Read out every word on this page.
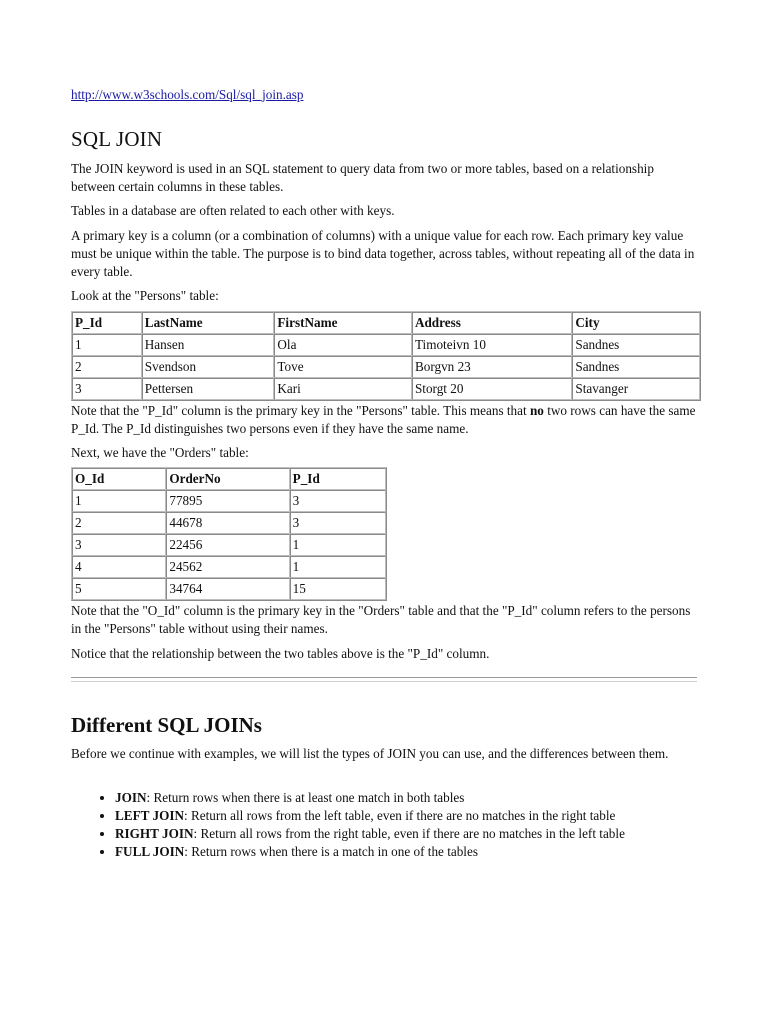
http://www.w3schools.com/Sql/sql_join.asp
SQL JOIN

The JOIN keyword is used in an SQL statement to query data from two or more tables, based on a relationship between certain columns in these tables.

Tables in a database are often related to each other with keys.

A primary key is a column (or a combination of columns) with a unique value for each row. Each primary key value must be unique within the table. The purpose is to bind data together, across tables, without repeating all of the data in every table.

Look at the "Persons" table:

P_Id	LastName	FirstName	Address	City
1	Hansen	Ola	Timoteivn 10	Sandnes
2	Svendson	Tove	Borgvn 23	Sandnes
3	Pettersen	Kari	Storgt 20	Stavanger

Note that the "P_Id" column is the primary key in the "Persons" table. This means that no two rows can have the same P_Id. The P_Id distinguishes two persons even if they have the same name.

Next, we have the "Orders" table:

O_Id	OrderNo	P_Id
1	77895	3
2	44678	3
3	22456	1
4	24562	1
5	34764	15

Note that the "O_Id" column is the primary key in the "Orders" table and that the "P_Id" column refers to the persons in the "Persons" table without using their names.

Notice that the relationship between the two tables above is the "P_Id" column.

Different SQL JOINs

Before we continue with examples, we will list the types of JOIN you can use, and the differences between them.

• JOIN: Return rows when there is at least one match in both tables
• LEFT JOIN: Return all rows from the left table, even if there are no matches in the right table
• RIGHT JOIN: Return all rows from the right table, even if there are no matches in the left table
• FULL JOIN: Return rows when there is a match in one of the tables
